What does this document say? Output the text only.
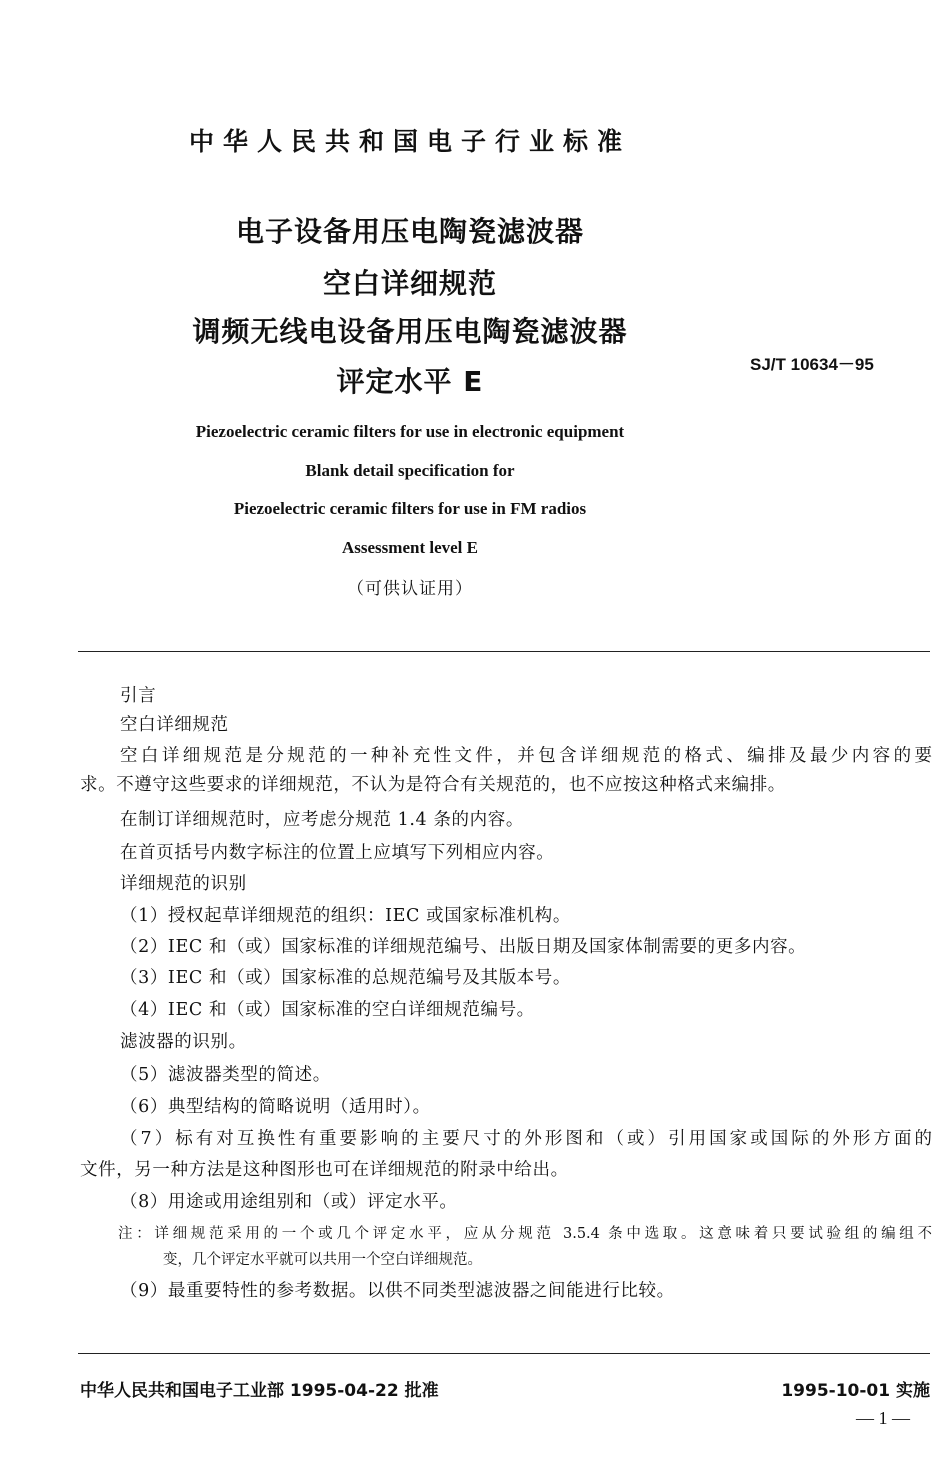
中华人民共和国电子行业标准
电子设备用压电陶瓷滤波器
空白详细规范
调频无线电设备用压电陶瓷滤波器
评定水平 E
SJ/T 10634－95
Piezoelectric ceramic filters for use in electronic equipment
Blank detail specification for
Piezoelectric ceramic filters for use in FM radios
Assessment level E
（可供认证用）
引言
空白详细规范
空白详细规范是分规范的一种补充性文件，并包含详细规范的格式、编排及最少内容的要
求。不遵守这些要求的详细规范，不认为是符合有关规范的，也不应按这种格式来编排。
在制订详细规范时，应考虑分规范 1.4 条的内容。
在首页括号内数字标注的位置上应填写下列相应内容。
详细规范的识别
（1）授权起草详细规范的组织：IEC 或国家标准机构。
（2）IEC 和（或）国家标准的详细规范编号、出版日期及国家体制需要的更多内容。
（3）IEC 和（或）国家标准的总规范编号及其版本号。
（4）IEC 和（或）国家标准的空白详细规范编号。
滤波器的识别。
（5）滤波器类型的简述。
（6）典型结构的简略说明（适用时）。
（7）标有对互换性有重要影响的主要尺寸的外形图和（或）引用国家或国际的外形方面的
文件，另一种方法是这种图形也可在详细规范的附录中给出。
（8）用途或用途组别和（或）评定水平。
注：详细规范采用的一个或几个评定水平，应从分规范 3.5.4 条中选取。这意味着只要试验组的编组不
变，几个评定水平就可以共用一个空白详细规范。
（9）最重要特性的参考数据。以供不同类型滤波器之间能进行比较。
中华人民共和国电子工业部 1995-04-22 批准	1995-10-01 实施
— 1 —
